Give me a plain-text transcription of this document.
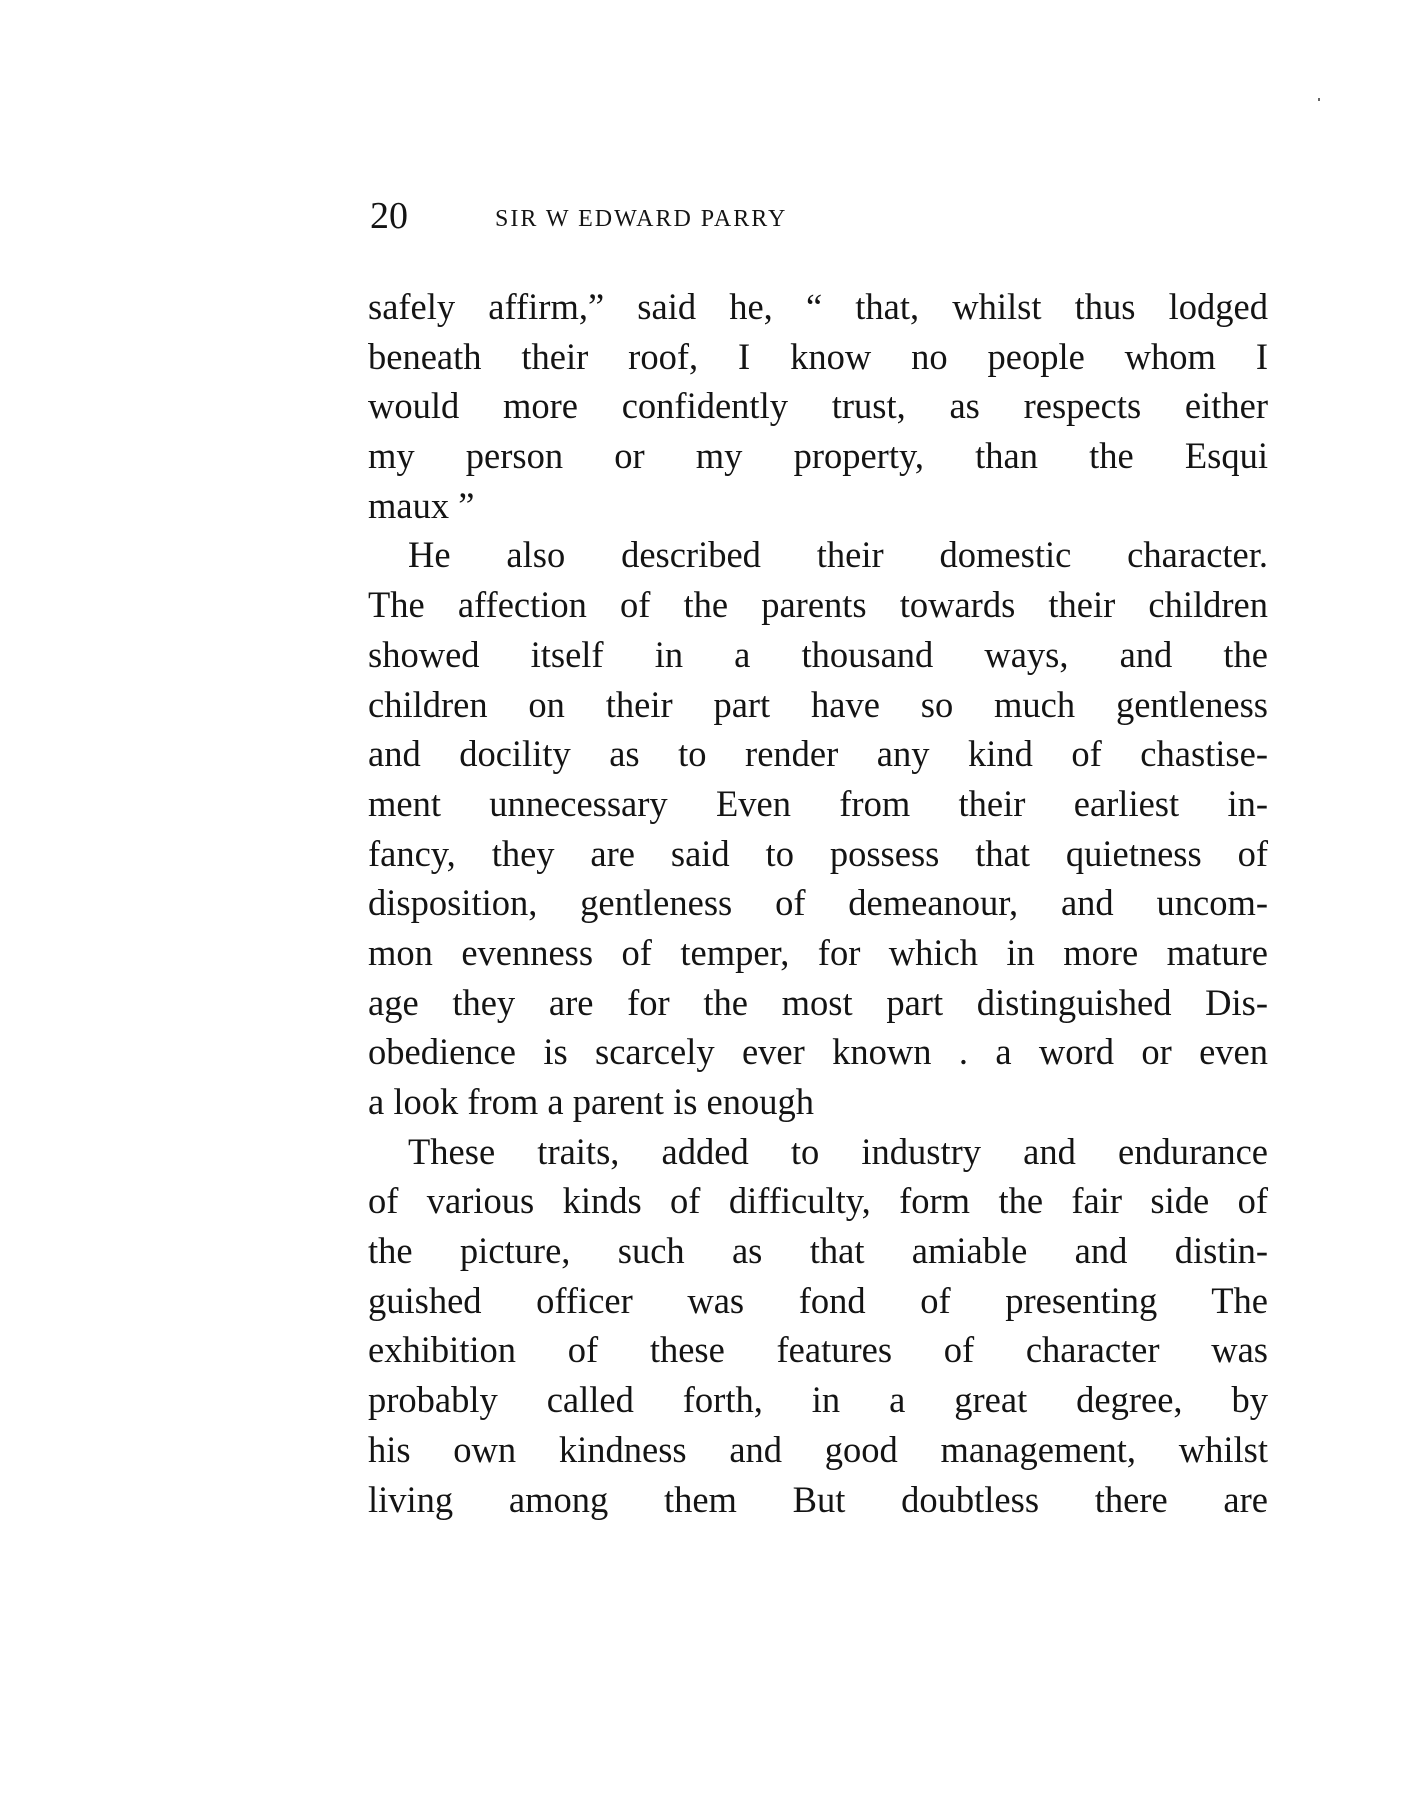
20	SIR W EDWARD PARRY
safely affirm,” said he, “ that, whilst thus lodged
beneath their roof, I know no people whom I
would more confidently trust, as respects either
my person or my property, than the Esqui
maux ”
He also described their domestic character.
The affection of the parents towards their children
showed itself in a thousand ways, and the
children on their part have so much gentleness
and docility as to render any kind of chastise-
ment unnecessary Even from their earliest in-
fancy, they are said to possess that quietness of
disposition, gentleness of demeanour, and uncom-
mon evenness of temper, for which in more mature
age they are for the most part distinguished Dis-
obedience is scarcely ever known . a word or even
a look from a parent is enough
These traits, added to industry and endurance
of various kinds of difficulty, form the fair side of
the picture, such as that amiable and distin-
guished officer was fond of presenting The
exhibition of these features of character was
probably called forth, in a great degree, by
his own kindness and good management, whilst
living among them But doubtless there are
